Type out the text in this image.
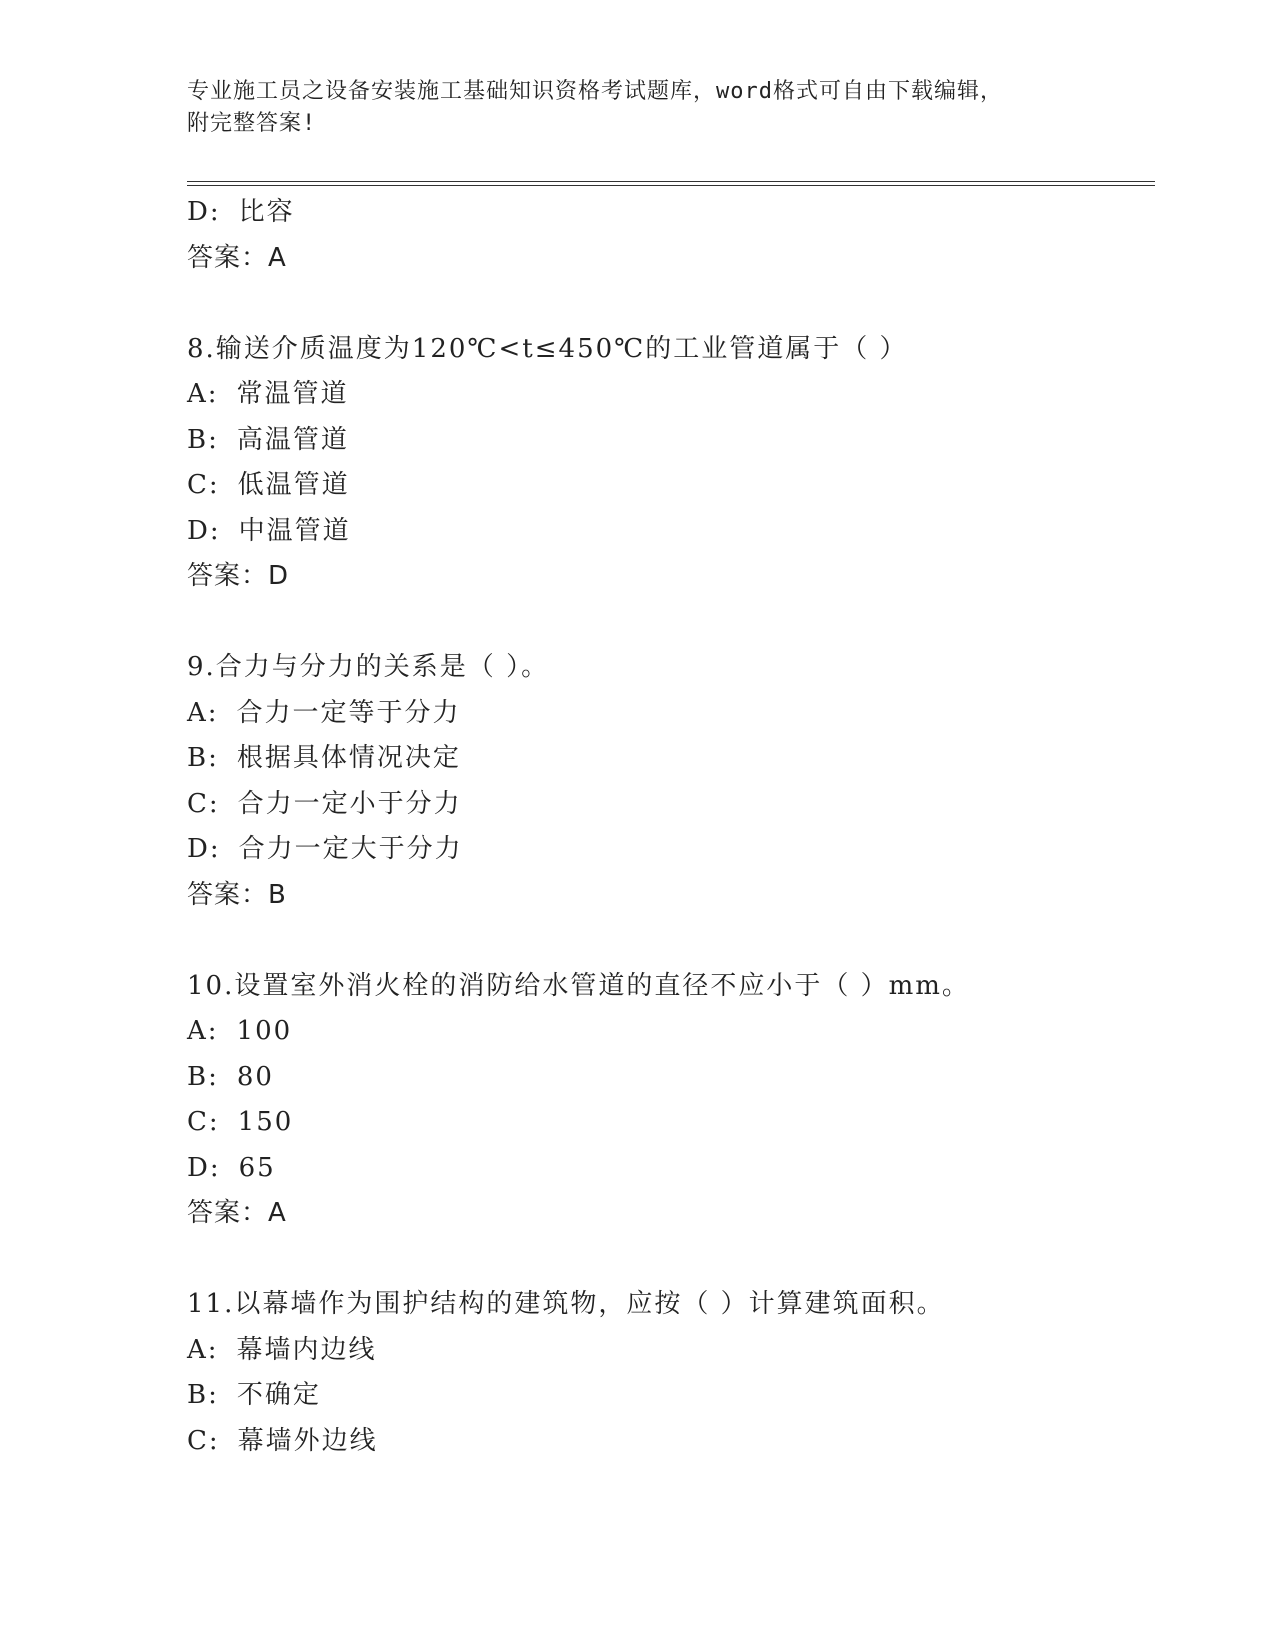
专业施工员之设备安装施工基础知识资格考试题库，word格式可自由下载编辑，
附完整答案!
D: 比容
答案：A
8.输送介质温度为120℃<t≤450℃的工业管道属于（ ）
A: 常温管道
B: 高温管道
C: 低温管道
D: 中温管道
答案：D
9.合力与分力的关系是（ ）。
A: 合力一定等于分力
B: 根据具体情况决定
C: 合力一定小于分力
D: 合力一定大于分力
答案：B
10.设置室外消火栓的消防给水管道的直径不应小于（ ）mm。
A: 100
B: 80
C: 150
D: 65
答案：A
11.以幕墙作为围护结构的建筑物，应按（ ）计算建筑面积。
A: 幕墙内边线
B: 不确定
C: 幕墙外边线
